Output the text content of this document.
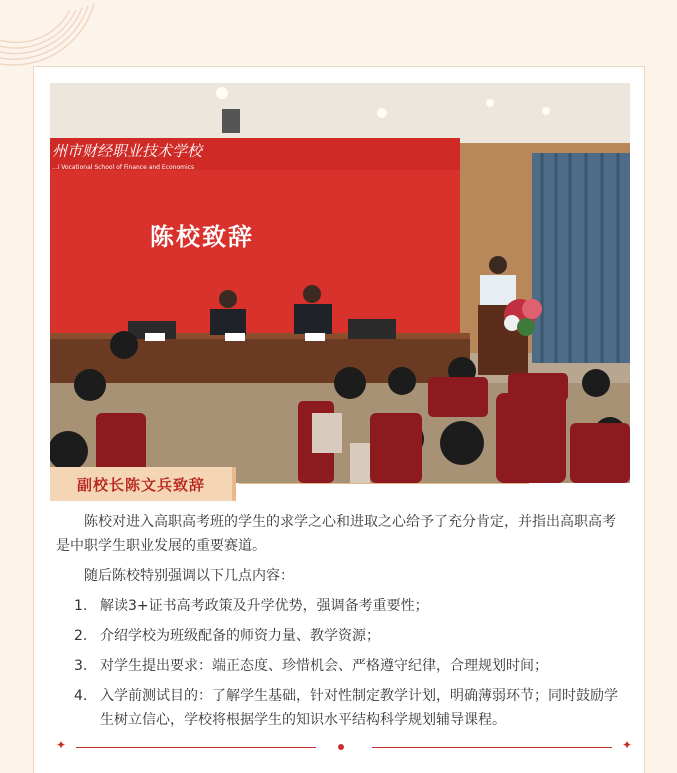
州市财经职业技术学校
...i Vocational School of Finance and Economics
陈校致辞
副校长陈文兵致辞

陈校对进入高职高考班的学生的求学之心和进取之心给予了充分肯定，并指出高职高考是中职学生职业发展的重要赛道。

随后陈校特别强调以下几点内容：

1. 解读3+证书高考政策及升学优势，强调备考重要性；
2. 介绍学校为班级配备的师资力量、教学资源；
3. 对学生提出要求：端正态度、珍惜机会、严格遵守纪律，合理规划时间；
4. 入学前测试目的：了解学生基础，针对性制定教学计划，明确薄弱环节；同时鼓励学生树立信心，学校将根据学生的知识水平结构科学规划辅导课程。
✦	✦
